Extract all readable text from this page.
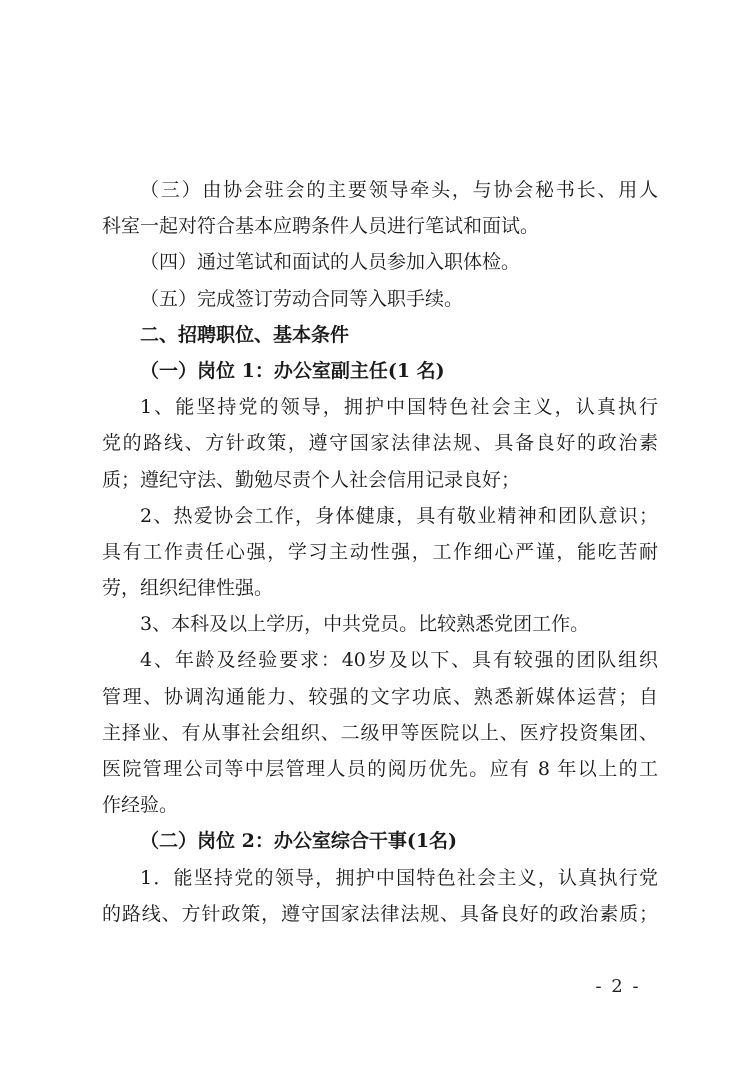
（三）由协会驻会的主要领导牵头，与协会秘书长、用人
科室一起对符合基本应聘条件人员进行笔试和面试。
（四）通过笔试和面试的人员参加入职体检。
（五）完成签订劳动合同等入职手续。
二、招聘职位、基本条件
（一）岗位 1：办公室副主任(1 名)
1、能坚持党的领导，拥护中国特色社会主义，认真执行
党的路线、方针政策，遵守国家法律法规、具备良好的政治素
质；遵纪守法、勤勉尽责个人社会信用记录良好；
2、热爱协会工作，身体健康，具有敬业精神和团队意识；
具有工作责任心强，学习主动性强，工作细心严谨，能吃苦耐
劳，组织纪律性强。
3、本科及以上学历，中共党员。比较熟悉党团工作。
4、年龄及经验要求：40岁及以下、具有较强的团队组织
管理、协调沟通能力、较强的文字功底、熟悉新媒体运营；自
主择业、有从事社会组织、二级甲等医院以上、医疗投资集团、
医院管理公司等中层管理人员的阅历优先。应有 8 年以上的工
作经验。
（二）岗位 2：办公室综合干事(1名)
1．能坚持党的领导，拥护中国特色社会主义，认真执行党
的路线、方针政策，遵守国家法律法规、具备良好的政治素质；
- 2 -
